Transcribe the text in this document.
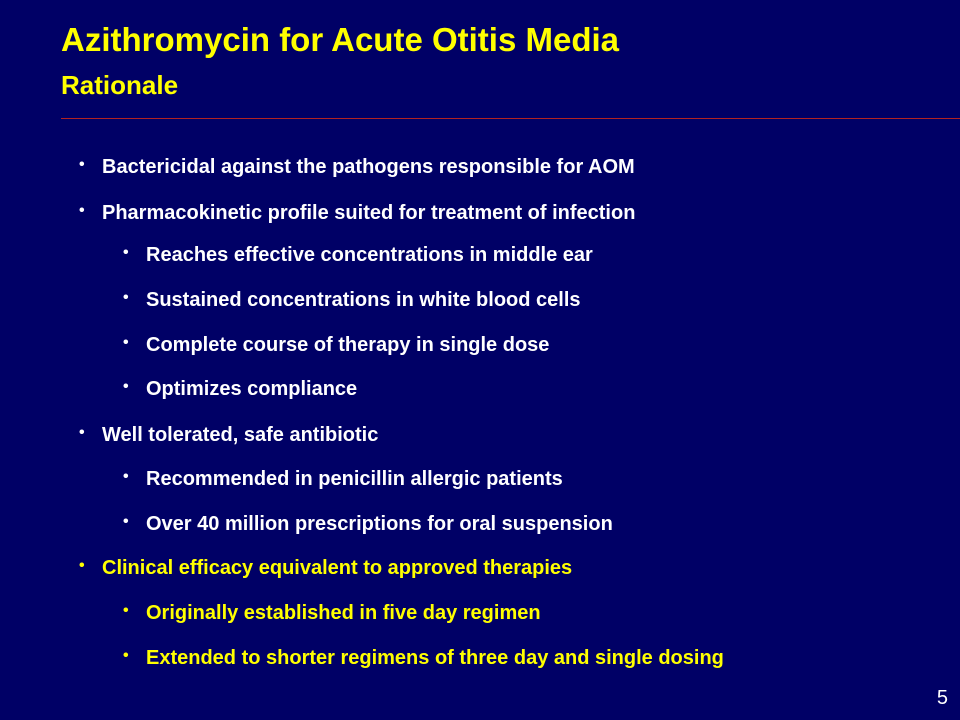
Azithromycin for Acute Otitis Media
Rationale
• Bactericidal against the pathogens responsible for AOM
• Pharmacokinetic profile suited for treatment of infection
• Reaches effective concentrations in middle ear
• Sustained concentrations in white blood cells
• Complete course of therapy in single dose
• Optimizes compliance
• Well tolerated, safe antibiotic
• Recommended in penicillin allergic patients
• Over 40 million prescriptions for oral suspension
• Clinical efficacy equivalent to approved therapies
• Originally established in five day regimen
• Extended to shorter regimens of three day and single dosing
5
